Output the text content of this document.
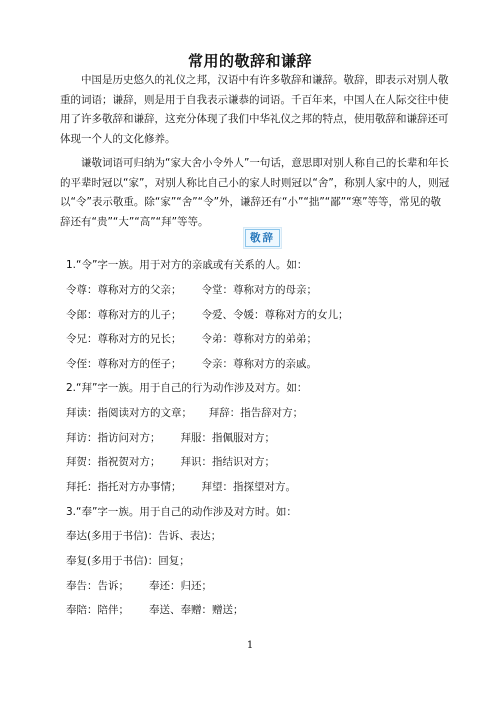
常用的敬辞和谦辞

中国是历史悠久的礼仪之邦，汉语中有许多敬辞和谦辞。敬辞，即表示对别人敬重的词语；谦辞，则是用于自我表示谦恭的词语。千百年来，中国人在人际交往中使用了许多敬辞和谦辞，这充分体现了我们中华礼仪之邦的特点，使用敬辞和谦辞还可体现一个人的文化修养。

谦敬词语可归纳为“家大舍小令外人”一句话，意思即对别人称自己的长辈和年长的平辈时冠以“家”，对别人称比自己小的家人时则冠以“舍”，称别人家中的人，则冠以“令”表示敬重。除“家”“舍”“令”外，谦辞还有“小”“拙”“鄙”“寒”等等，常见的敬辞还有“贵”“大”“高”“拜”等等。

敬辞
1.“令”字一族。用于对方的亲戚或有关系的人。如：
令尊：尊称对方的父亲；      令堂：尊称对方的母亲；
令郎：尊称对方的儿子；      令爱、令媛：尊称对方的女儿；
令兄：尊称对方的兄长；      令弟：尊称对方的弟弟；
令侄：尊称对方的侄子；      令亲：尊称对方的亲戚。
2.“拜”字一族。用于自己的行为动作涉及对方。如：
拜读：指阅读对方的文章；     拜辞：指告辞对方；
拜访：指访问对方；      拜服：指佩服对方；
拜贺：指祝贺对方；      拜识：指结识对方；
拜托：指托对方办事情；      拜望：指探望对方。
3.“奉”字一族。用于自己的动作涉及对方时。如：
奉达(多用于书信)：告诉、表达；
奉复(多用于书信)：回复；
奉告：告诉；      奉还：归还；
奉陪：陪伴；      奉送、奉赠：赠送；
1
